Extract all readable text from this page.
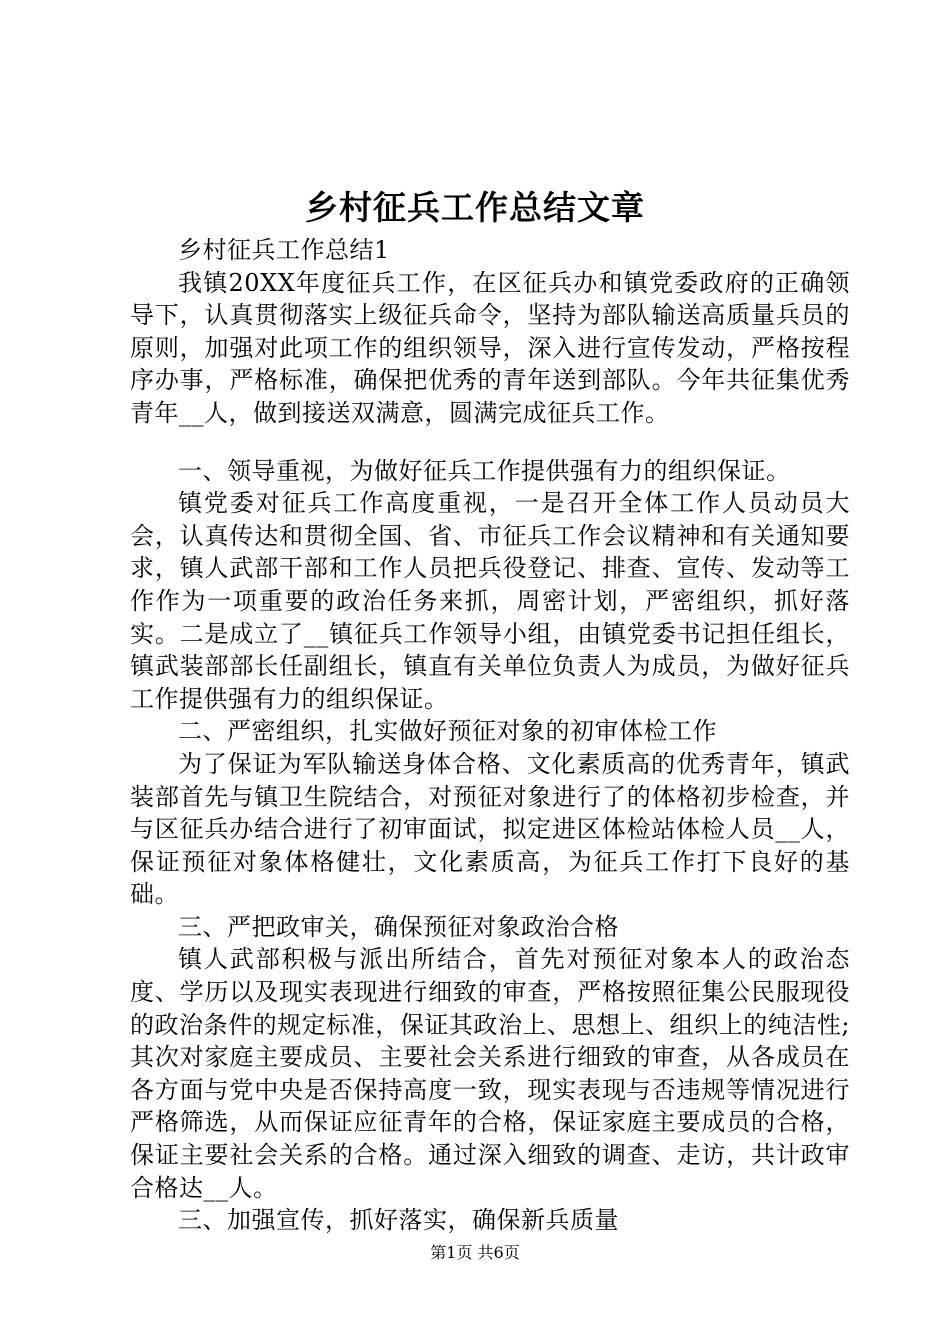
乡村征兵工作总结文章

乡村征兵工作总结1

我镇20XX年度征兵工作，在区征兵办和镇党委政府的正确领导下，认真贯彻落实上级征兵命令，坚持为部队输送高质量兵员的原则，加强对此项工作的组织领导，深入进行宣传发动，严格按程序办事，严格标准，确保把优秀的青年送到部队。今年共征集优秀青年__人，做到接送双满意，圆满完成征兵工作。

一、领导重视，为做好征兵工作提供强有力的组织保证。

镇党委对征兵工作高度重视，一是召开全体工作人员动员大会，认真传达和贯彻全国、省、市征兵工作会议精神和有关通知要求，镇人武部干部和工作人员把兵役登记、排查、宣传、发动等工作作为一项重要的政治任务来抓，周密计划，严密组织，抓好落实。二是成立了__镇征兵工作领导小组，由镇党委书记担任组长，镇武装部部长任副组长，镇直有关单位负责人为成员，为做好征兵工作提供强有力的组织保证。

二、严密组织，扎实做好预征对象的初审体检工作

为了保证为军队输送身体合格、文化素质高的优秀青年，镇武装部首先与镇卫生院结合，对预征对象进行了的体格初步检查，并与区征兵办结合进行了初审面试，拟定进区体检站体检人员__人，保证预征对象体格健壮，文化素质高，为征兵工作打下良好的基础。

三、严把政审关，确保预征对象政治合格

镇人武部积极与派出所结合，首先对预征对象本人的政治态度、学历以及现实表现进行细致的审查，严格按照征集公民服现役的政治条件的规定标准，保证其政治上、思想上、组织上的纯洁性;其次对家庭主要成员、主要社会关系进行细致的审查，从各成员在各方面与党中央是否保持高度一致，现实表现与否违规等情况进行严格筛选，从而保证应征青年的合格，保证家庭主要成员的合格，保证主要社会关系的合格。通过深入细致的调查、走访，共计政审合格达__人。

三、加强宣传，抓好落实，确保新兵质量

第1页 共6页
